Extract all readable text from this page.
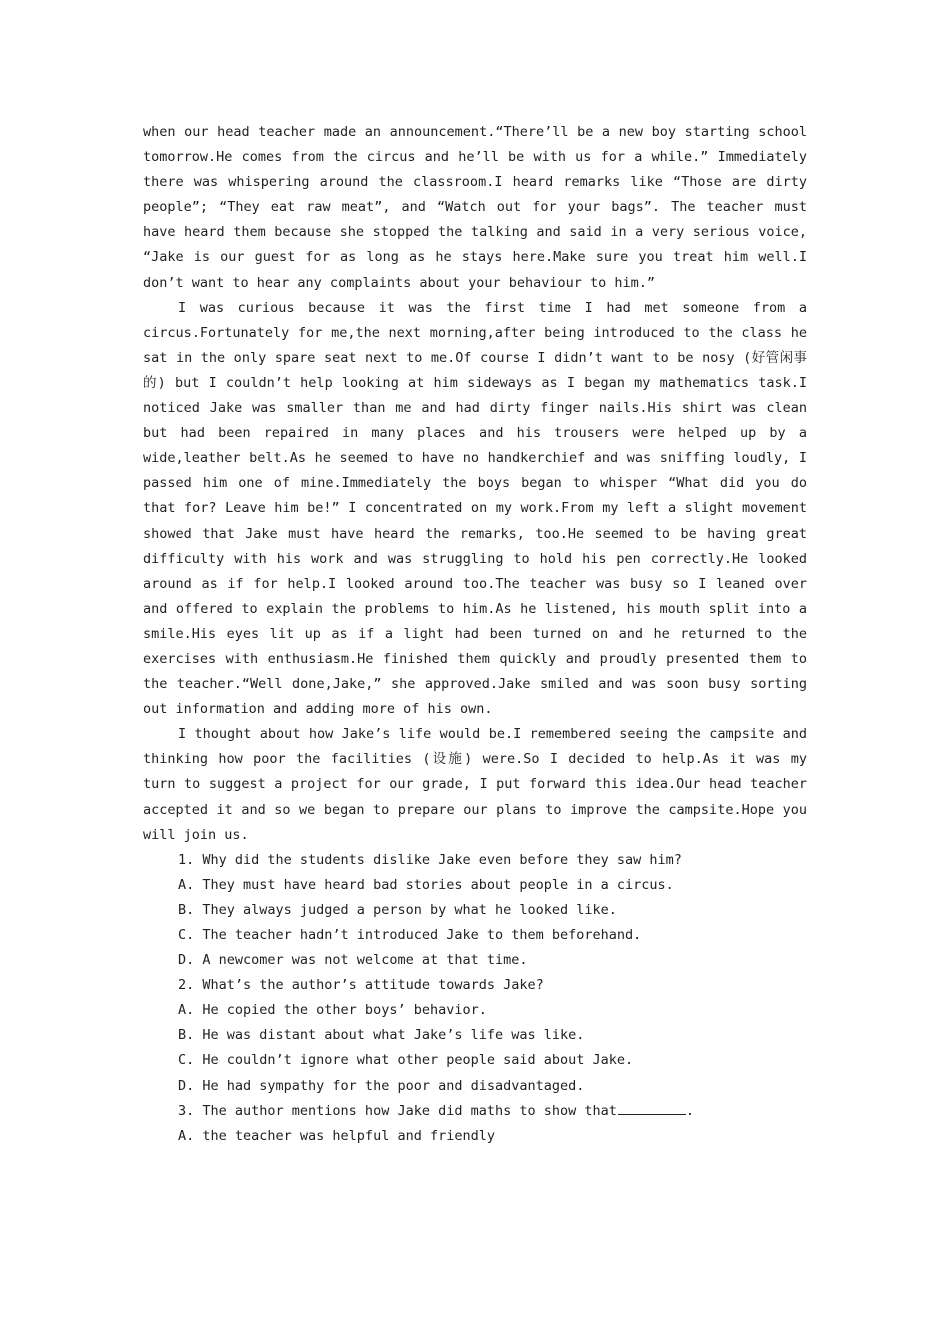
when our head teacher made an announcement.“There’ll be a new boy starting school tomorrow.He comes from the circus and he’ll be with us for a while.” Immediately there was whispering around the classroom.I heard remarks like “Those are dirty people”; “They eat raw meat”, and “Watch out for your bags”. The teacher must have heard them because she stopped the talking and said in a very serious voice, “Jake is our guest for as long as he stays here.Make sure you treat him well.I don’t want to hear any complaints about your behaviour to him.”

I was curious because it was the first time I had met someone from a circus.Fortunately for me,the next morning,after being introduced to the class he sat in the only spare seat next to me.Of course I didn’t want to be nosy (好管闲事的) but I couldn’t help looking at him sideways as I began my mathematics task.I noticed Jake was smaller than me and had dirty finger nails.His shirt was clean but had been repaired in many places and his trousers were helped up by a wide,leather belt.As he seemed to have no handkerchief and was sniffing loudly, I passed him one of mine.Immediately the boys began to whisper “What did you do that for? Leave him be!” I concentrated on my work.From my left a slight movement showed that Jake must have heard the remarks, too.He seemed to be having great difficulty with his work and was struggling to hold his pen correctly.He looked around as if for help.I looked around too.The teacher was busy so I leaned over and offered to explain the problems to him.As he listened, his mouth split into a smile.His eyes lit up as if a light had been turned on and he returned to the exercises with enthusiasm.He finished them quickly and proudly presented them to the teacher.“Well done,Jake,” she approved.Jake smiled and was soon busy sorting out information and adding more of his own.

I thought about how Jake’s life would be.I remembered seeing the campsite and thinking how poor the facilities (设施) were.So I decided to help.As it was my turn to suggest a project for our grade, I put forward this idea.Our head teacher accepted it and so we began to prepare our plans to improve the campsite.Hope you will join us.

1. Why did the students dislike Jake even before they saw him?

A. They must have heard bad stories about people in a circus.

B. They always judged a person by what he looked like.

C. The teacher hadn’t introduced Jake to them beforehand.

D. A newcomer was not welcome at that time.

2. What’s the author’s attitude towards Jake?

A. He copied the other boys’ behavior.

B. He was distant about what Jake’s life was like.

C. He couldn’t ignore what other people said about Jake.

D. He had sympathy for the poor and disadvantaged.

3. The author mentions how Jake did maths to show that	.

A. the teacher was helpful and friendly
